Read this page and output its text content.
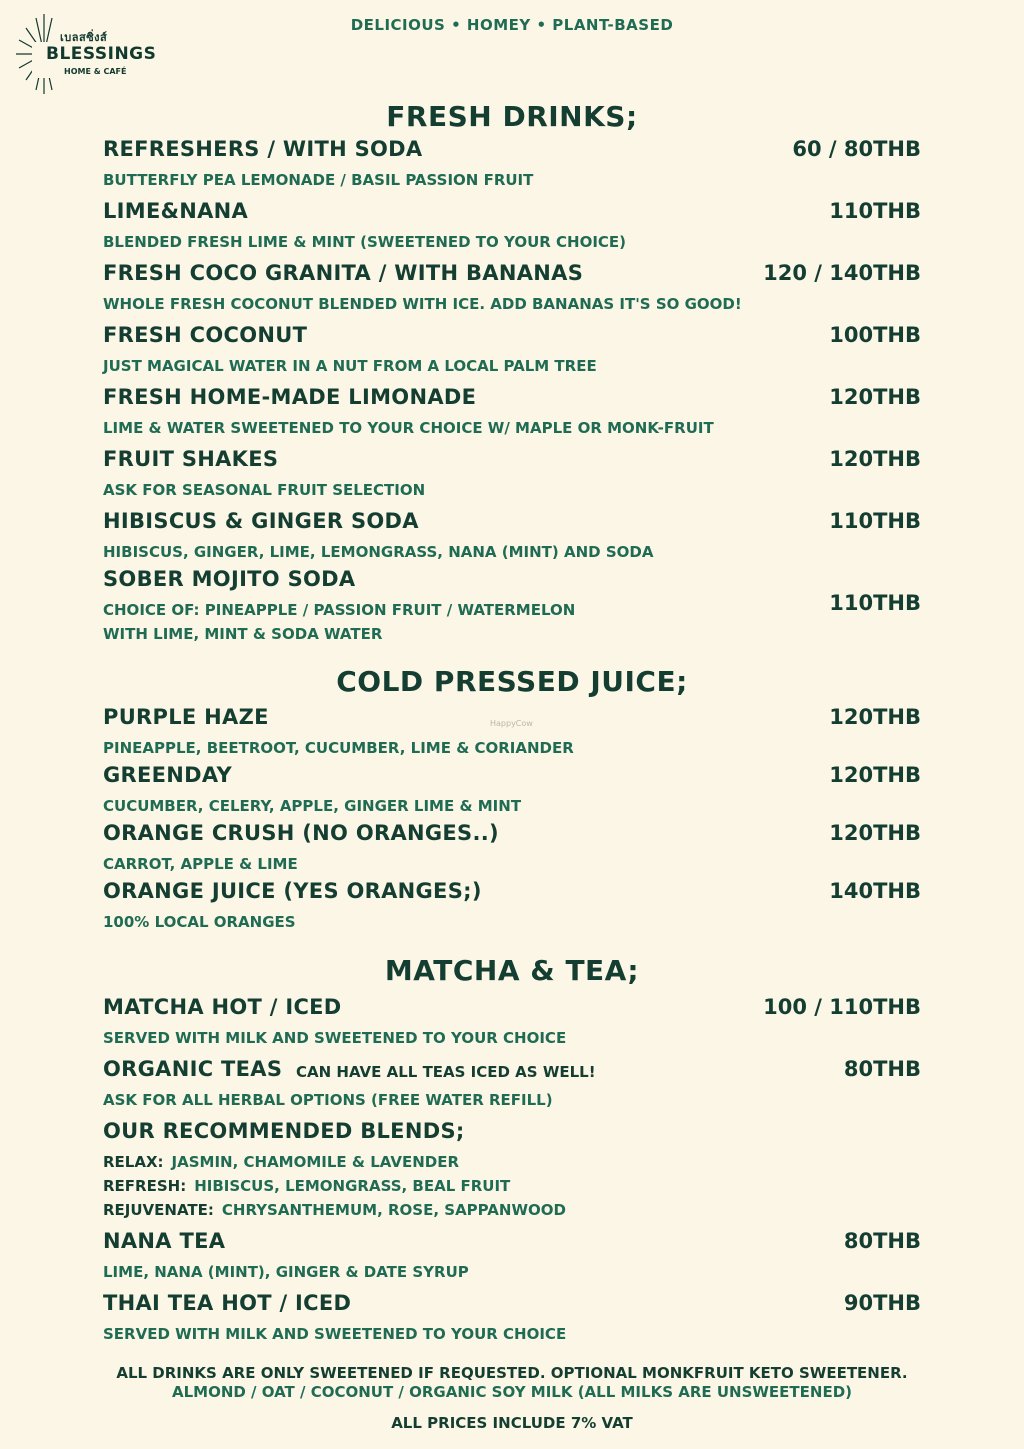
เบลสซิ่งส์
BLESSINGS
HOME & CAFÉ
DELICIOUS • HOMEY • PLANT-BASED
FRESH DRINKS;
REFRESHERS / WITH SODA	60 / 80THB
BUTTERFLY PEA LEMONADE / BASIL PASSION FRUIT
LIME&NANA	110THB
BLENDED FRESH LIME & MINT (SWEETENED TO YOUR CHOICE)
FRESH COCO GRANITA / WITH BANANAS	120 / 140THB
WHOLE FRESH COCONUT BLENDED WITH ICE. ADD BANANAS IT'S SO GOOD!
FRESH COCONUT	100THB
JUST MAGICAL WATER IN A NUT FROM A LOCAL PALM TREE
FRESH HOME-MADE LIMONADE	120THB
LIME & WATER SWEETENED TO YOUR CHOICE W/ MAPLE OR MONK-FRUIT
FRUIT SHAKES	120THB
ASK FOR SEASONAL FRUIT SELECTION
HIBISCUS & GINGER SODA	110THB
HIBISCUS, GINGER, LIME, LEMONGRASS, NANA (MINT) AND SODA
SOBER MOJITO SODA
110THB
CHOICE OF: PINEAPPLE / PASSION FRUIT / WATERMELON
WITH LIME, MINT & SODA WATER
COLD PRESSED JUICE;
PURPLE HAZE	120THB
HappyCow
PINEAPPLE, BEETROOT, CUCUMBER, LIME & CORIANDER
GREENDAY	120THB
CUCUMBER, CELERY, APPLE, GINGER LIME & MINT
ORANGE CRUSH (NO ORANGES..)	120THB
CARROT, APPLE & LIME
ORANGE JUICE (YES ORANGES;)	140THB
100% LOCAL ORANGES
MATCHA & TEA;
MATCHA HOT / ICED	100 / 110THB
SERVED WITH MILK AND SWEETENED TO YOUR CHOICE
ORGANIC TEAS CAN HAVE ALL TEAS ICED AS WELL!	80THB
ASK FOR ALL HERBAL OPTIONS (FREE WATER REFILL)
OUR RECOMMENDED BLENDS;
RELAX: JASMIN, CHAMOMILE & LAVENDER
REFRESH: HIBISCUS, LEMONGRASS, BEAL FRUIT
REJUVENATE: CHRYSANTHEMUM, ROSE, SAPPANWOOD
NANA TEA	80THB
LIME, NANA (MINT), GINGER & DATE SYRUP
THAI TEA HOT / ICED	90THB
SERVED WITH MILK AND SWEETENED TO YOUR CHOICE
ALL DRINKS ARE ONLY SWEETENED IF REQUESTED. OPTIONAL MONKFRUIT KETO SWEETENER.
ALMOND / OAT / COCONUT / ORGANIC SOY MILK (ALL MILKS ARE UNSWEETENED)
ALL PRICES INCLUDE 7% VAT
